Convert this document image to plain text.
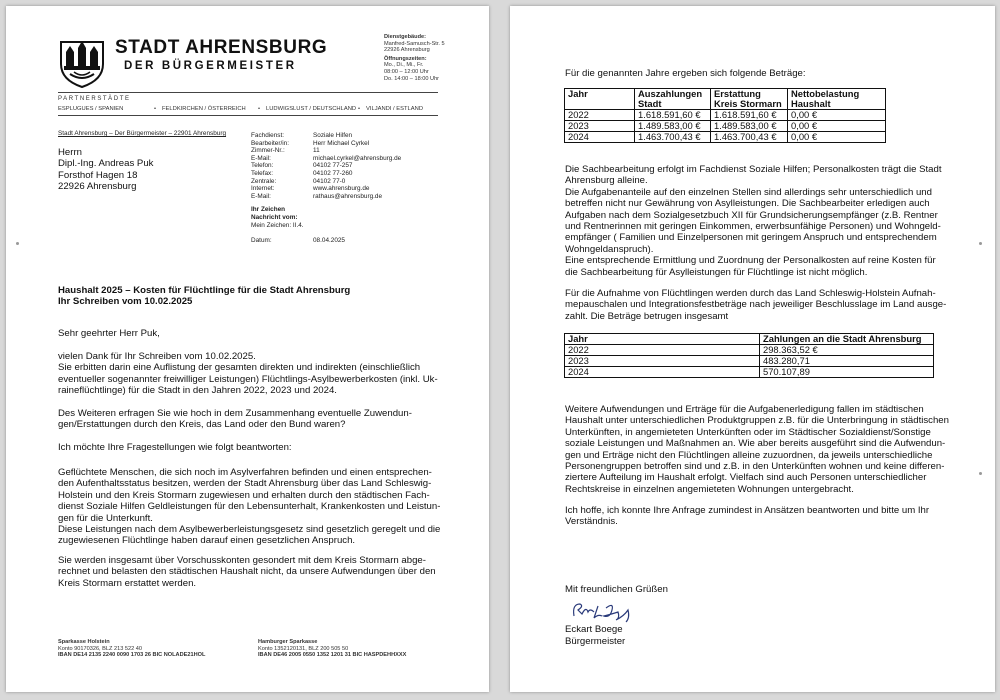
STADT AHRENSBURG
DER BÜRGERMEISTER
Dienstgebäude:
Manfred-Samusch-Str. 5
22926 Ahrensburg
Öffnungszeiten:
Mo., Di., Mi., Fr.
08:00 – 12:00 Uhr
Do. 14:00 – 18:00 Uhr
PARTNERSTÄDTE
ESPLUGUES / SPANIEN	• FELDKIRCHEN / ÖSTERREICH • LUDWIGSLUST / DEUTSCHLAND • VILJANDI / ESTLAND
Stadt Ahrensburg – Der Bürgermeister – 22901 Ahrensburg
Herrn
Dipl.-Ing. Andreas Puk
Forsthof Hagen 18
22926 Ahrensburg
Fachdienst:	Soziale Hilfen
Bearbeiter/in:	Herr Michael Cyrkel
Zimmer-Nr.:	11
E-Mail:	michael.cyrkel@ahrensburg.de
Telefon:	04102 77-257
Telefax:	04102 77-260
Zentrale:	04102 77-0
Internet:	www.ahrensburg.de
E-Mail:	rathaus@ahrensburg.de
Ihr Zeichen
Nachricht vom:
Mein Zeichen: II.4.
Datum:	08.04.2025
Haushalt 2025 – Kosten für Flüchtlinge für die Stadt Ahrensburg
Ihr Schreiben vom 10.02.2025
Sehr geehrter Herr Puk,

vielen Dank für Ihr Schreiben vom 10.02.2025.

Sie erbitten darin eine Auflistung der gesamten direkten und indirekten (einschließlich

eventueller sogenannter freiwilliger Leistungen) Flüchtlings-Asylbewerberkosten (inkl. Uk-

raineflüchtlinge) für die Stadt in den Jahren 2022, 2023 und 2024.

Des Weiteren erfragen Sie wie hoch in dem Zusammenhang eventuelle Zuwendun-

gen/Erstattungen durch den Kreis, das Land oder den Bund waren?

Ich möchte Ihre Fragestellungen wie folgt beantworten:

Geflüchtete Menschen, die sich noch im Asylverfahren befinden und einen entsprechen-

den Aufenthaltsstatus besitzen, werden der Stadt Ahrensburg über das Land Schleswig-

Holstein und den Kreis Stormarn zugewiesen und erhalten durch den städtischen Fach-

dienst Soziale Hilfen Geldleistungen für den Lebensunterhalt, Krankenkosten und Leistun-

gen für die Unterkunft.

Diese Leistungen nach dem Asylbewerberleistungsgesetz sind gesetzlich geregelt und die

zugewiesenen Flüchtlinge haben darauf einen gesetzlichen Anspruch.

Sie werden insgesamt über Vorschusskonten gesondert mit dem Kreis Stormarn abge-

rechnet und belasten den städtischen Haushalt nicht, da unsere Aufwendungen über den

Kreis Stormarn erstattet werden.

Sparkasse Holstein
Konto 90170326, BLZ 213 522 40
IBAN DE14 2135 2240 0090 1703 26 BIC NOLADE21HOL
Hamburger Sparkasse
Konto 1352120131, BLZ 200 505 50
IBAN DE46 2005 0550 1352 1201 31 BIC HASPDEHHXXX
Für die genannten Jahre ergeben sich folgende Beträge:
Jahr	Auszahlungen Stadt	Erstattung Kreis Stormarn	Nettobelastung Haushalt
2022	1.618.591,60 €	1.618.591,60 €	0,00 €
2023	1.489.583,00 €	1.489.583,00 €	0,00 €
2024	1.463.700,43 €	1.463.700,43 €	0,00 €

Die Sachbearbeitung erfolgt im Fachdienst Soziale Hilfen; Personalkosten trägt die Stadt

Ahrensburg alleine.

Die Aufgabenanteile auf den einzelnen Stellen sind allerdings sehr unterschiedlich und

betreffen nicht nur Gewährung von Asylleistungen. Die Sachbearbeiter erledigen auch

Aufgaben nach dem Sozialgesetzbuch XII für Grundsicherungsempfänger (z.B. Rentner

und Rentnerinnen mit geringen Einkommen, erwerbsunfähige Personen) und Wohngeld-

empfänger ( Familien und Einzelpersonen mit geringem Anspruch und entsprechendem

Wohngeldanspruch).

Eine entsprechende Ermittlung und Zuordnung der Personalkosten auf reine Kosten für

die Sachbearbeitung für Asylleistungen für Flüchtlinge ist nicht möglich.

Für die Aufnahme von Flüchtlingen werden durch das Land Schleswig-Holstein Aufnah-

mepauschalen und Integrationsfestbeträge nach jeweiliger Beschlusslage im Land ausge-

zahlt. Die Beträge betrugen insgesamt

Jahr	Zahlungen an die Stadt Ahrensburg
2022	298.363,52 €
2023	483.280,71
2024	570.107,89

Weitere Aufwendungen und Erträge für die Aufgabenerledigung fallen im städtischen

Haushalt unter unterschiedlichen Produktgruppen z.B. für die Unterbringung in städtischen

Unterkünften, in angemieteten Unterkünften oder im Städtischer Sozialdienst/Sonstige

soziale Leistungen und Maßnahmen an. Wie aber bereits ausgeführt sind die Aufwendun-

gen und Erträge nicht den Flüchtlingen alleine zuzuordnen, da jeweils unterschiedliche

Personengruppen betroffen sind und z.B. in den Unterkünften wohnen und keine differen-

ziertere Aufteilung im Haushalt erfolgt. Vielfach sind auch Personen unterschiedlicher

Rechtskreise in einzelnen angemieteten Wohnungen untergebracht.

Ich hoffe, ich konnte Ihre Anfrage zumindest in Ansätzen beantworten und bitte um Ihr

Verständnis.

Mit freundlichen Grüßen
Eckart Boege
Bürgermeister
